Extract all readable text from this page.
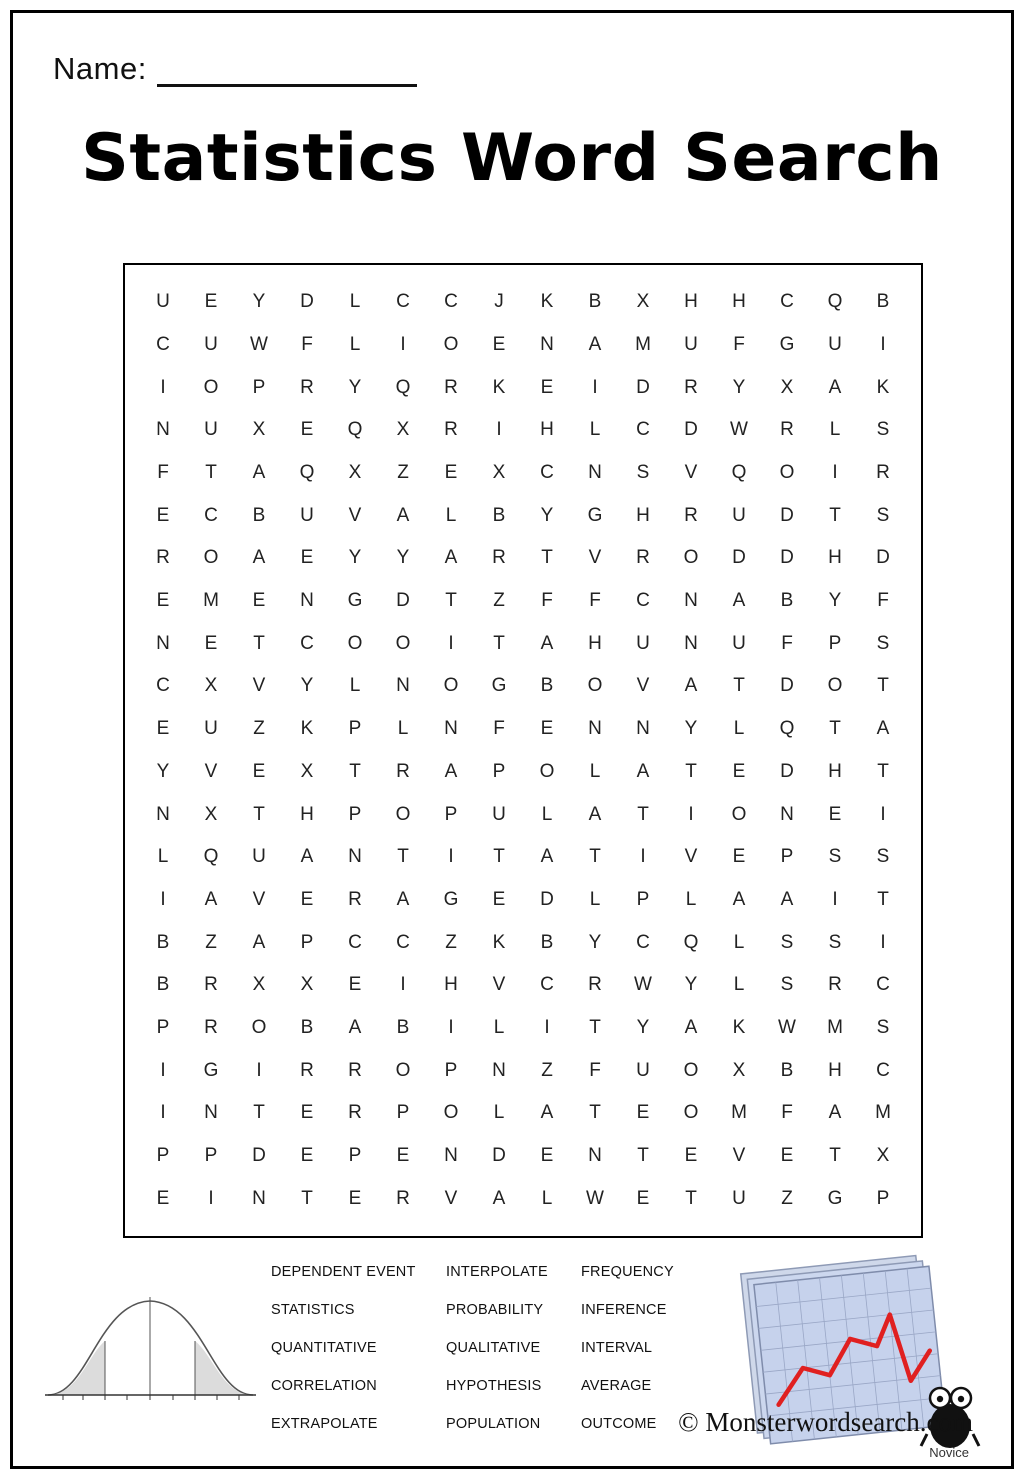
Name:
Statistics Word Search
U	E	Y	D	L	C	C	J	K	B	X	H	H	C	Q	B
C	U	W	F	L	I	O	E	N	A	M	U	F	G	U	I
I	O	P	R	Y	Q	R	K	E	I	D	R	Y	X	A	K
N	U	X	E	Q	X	R	I	H	L	C	D	W	R	L	S
F	T	A	Q	X	Z	E	X	C	N	S	V	Q	O	I	R
E	C	B	U	V	A	L	B	Y	G	H	R	U	D	T	S
R	O	A	E	Y	Y	A	R	T	V	R	O	D	D	H	D
E	M	E	N	G	D	T	Z	F	F	C	N	A	B	Y	F
N	E	T	C	O	O	I	T	A	H	U	N	U	F	P	S
C	X	V	Y	L	N	O	G	B	O	V	A	T	D	O	T
E	U	Z	K	P	L	N	F	E	N	N	Y	L	Q	T	A
Y	V	E	X	T	R	A	P	O	L	A	T	E	D	H	T
N	X	T	H	P	O	P	U	L	A	T	I	O	N	E	I
L	Q	U	A	N	T	I	T	A	T	I	V	E	P	S	S
I	A	V	E	R	A	G	E	D	L	P	L	A	A	I	T
B	Z	A	P	C	C	Z	K	B	Y	C	Q	L	S	S	I
B	R	X	X	E	I	H	V	C	R	W	Y	L	S	R	C
P	R	O	B	A	B	I	L	I	T	Y	A	K	W	M	S
I	G	I	R	R	O	P	N	Z	F	U	O	X	B	H	C
I	N	T	E	R	P	O	L	A	T	E	O	M	F	A	M
P	P	D	E	P	E	N	D	E	N	T	E	V	E	T	X
E	I	N	T	E	R	V	A	L	W	E	T	U	Z	G	P
DEPENDENT EVENT	INTERPOLATE	FREQUENCY
STATISTICS	PROBABILITY	INFERENCE
QUANTITATIVE	QUALITATIVE	INTERVAL
CORRELATION	HYPOTHESIS	AVERAGE
EXTRAPOLATE	POPULATION	OUTCOME © Monsterwordsearch.com
Novice
